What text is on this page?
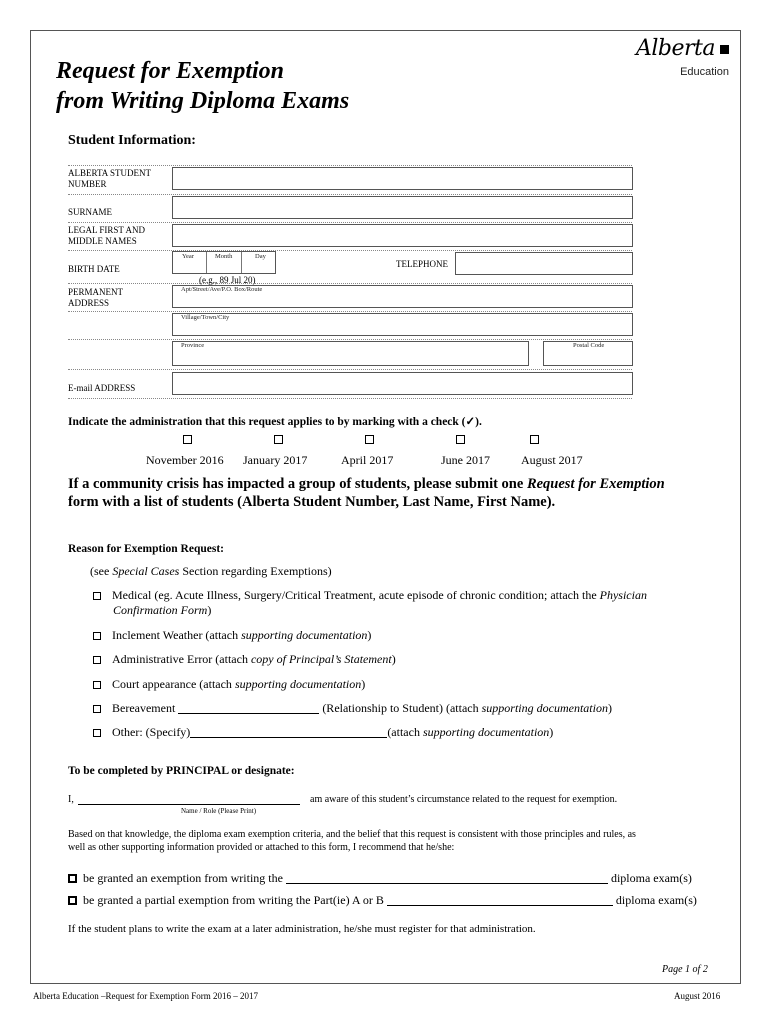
Request for Exemption
from Writing Diploma Exams
Alberta
Education
Student Information:
ALBERTA STUDENT
NUMBER
SURNAME
LEGAL FIRST AND
MIDDLE NAMES
BIRTH DATE
Year	Month	Day
(e.g., 89 Jul 20)
TELEPHONE
PERMANENT
ADDRESS
Apt/Street/Ave/P.O. Box/Route
Village/Town/City
Province	Postal Code
E-mail ADDRESS
Indicate the administration that this request applies to by marking with a check (✓).
November 2016 January 2017	April 2017	June 2017	August 2017
If a community crisis has impacted a group of students, please submit one Request for Exemption
form with a list of students (Alberta Student Number, Last Name, First Name).
Reason for Exemption Request:
(see Special Cases Section regarding Exemptions)
Medical (eg. Acute Illness, Surgery/Critical Treatment, acute episode of chronic condition; attach the Physician
Confirmation Form)
Inclement Weather (attach supporting documentation)
Administrative Error (attach copy of Principal’s Statement)
Court appearance (attach supporting documentation)
Bereavement	(Relationship to Student) (attach supporting documentation)
Other: (Specify)	(attach supporting documentation)
To be completed by PRINCIPAL or designate:
I,	am aware of this student’s circumstance related to the request for exemption.
Name / Role (Please Print)
Based on that knowledge, the diploma exam exemption criteria, and the belief that this request is consistent with those principles and rules, as
well as other supporting information provided or attached to this form, I recommend that he/she:
be granted an exemption from writing the	diploma exam(s)
be granted a partial exemption from writing the Part(ie) A or B	diploma exam(s)
If the student plans to write the exam at a later administration, he/she must register for that administration.
Page 1 of 2
Alberta Education –Request for Exemption Form 2016 – 2017	August 2016
